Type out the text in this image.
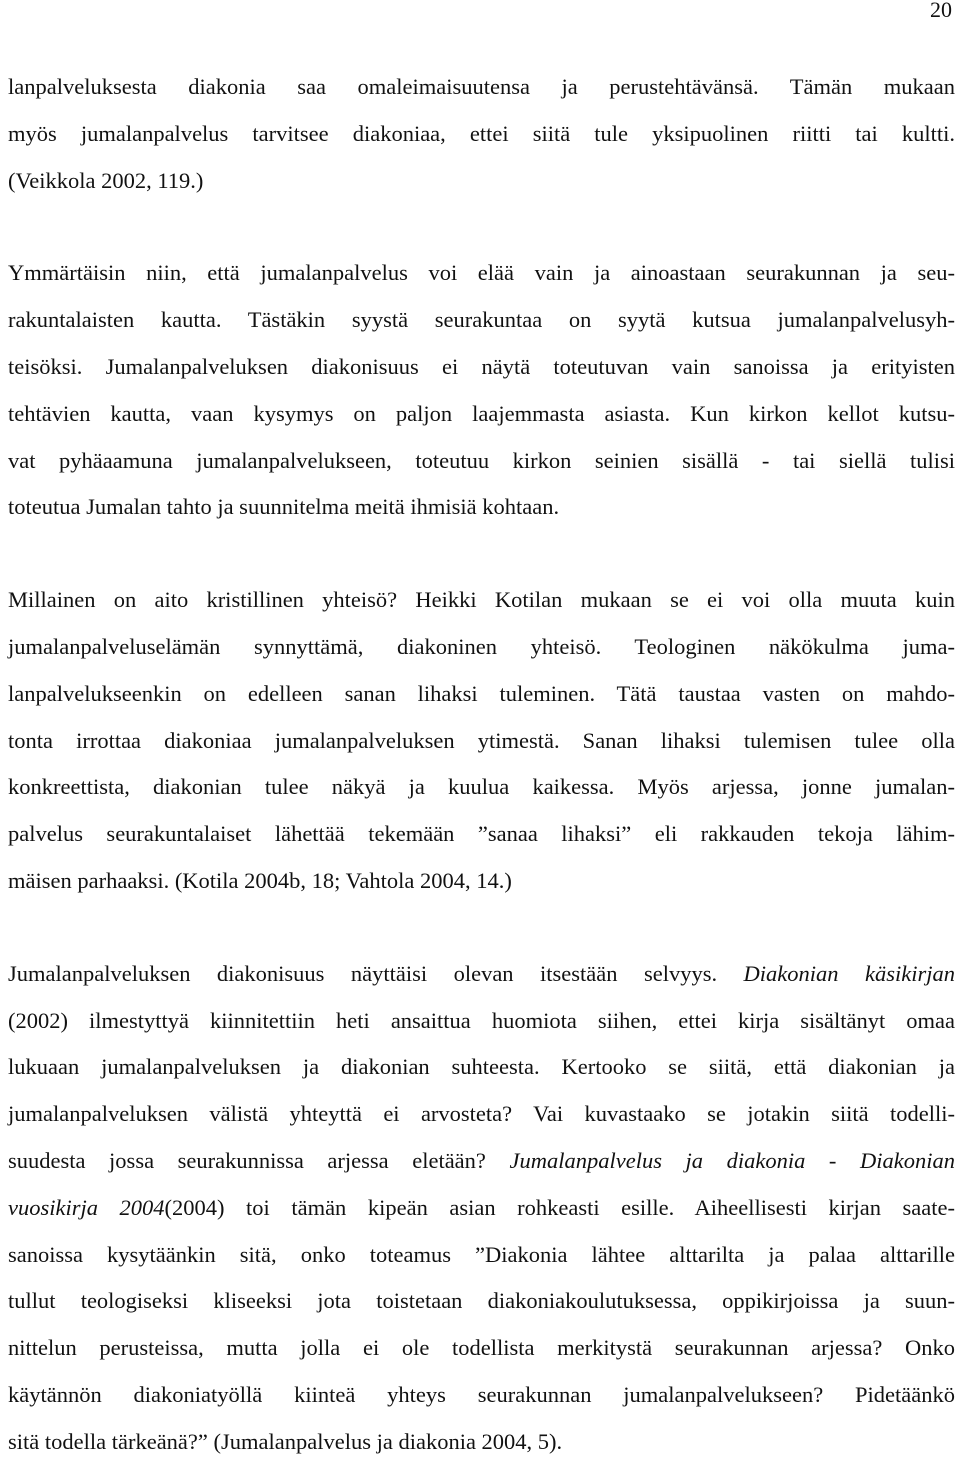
20

lanpalveluksesta diakonia saa omaleimaisuutensa ja perustehtävänsä. Tämän mukaan
myös jumalanpalvelus tarvitsee diakoniaa, ettei siitä tule yksipuolinen riitti tai kultti.
(Veikkola 2002, 119.)

Ymmärtäisin niin, että jumalanpalvelus voi elää vain ja ainoastaan seurakunnan ja seu-
rakuntalaisten kautta. Tästäkin syystä seurakuntaa on syytä kutsua jumalanpalvelusyh-
teisöksi. Jumalanpalveluksen diakonisuus ei näytä toteutuvan vain sanoissa ja erityisten
tehtävien kautta, vaan kysymys on paljon laajemmasta asiasta. Kun kirkon kellot kutsu-
vat pyhäaamuna jumalanpalvelukseen, toteutuu kirkon seinien sisällä - tai siellä tulisi
toteutua Jumalan tahto ja suunnitelma meitä ihmisiä kohtaan.

Millainen on aito kristillinen yhteisö? Heikki Kotilan mukaan se ei voi olla muuta kuin
jumalanpalveluselämän synnyttämä, diakoninen yhteisö. Teologinen näkökulma juma-
lanpalvelukseenkin on edelleen sanan lihaksi tuleminen. Tätä taustaa vasten on mahdo-
tonta irrottaa diakoniaa jumalanpalveluksen ytimestä. Sanan lihaksi tulemisen tulee olla
konkreettista, diakonian tulee näkyä ja kuulua kaikessa. Myös arjessa, jonne jumalan-
palvelus seurakuntalaiset lähettää tekemään ”sanaa lihaksi” eli rakkauden tekoja lähim-
mäisen parhaaksi. (Kotila 2004b, 18; Vahtola 2004, 14.)

Jumalanpalveluksen diakonisuus näyttäisi olevan itsestään selvyys. Diakonian käsikirjan
(2002) ilmestyttyä kiinnitettiin heti ansaittua huomiota siihen, ettei kirja sisältänyt omaa
lukuaan jumalanpalveluksen ja diakonian suhteesta. Kertooko se siitä, että diakonian ja
jumalanpalveluksen välistä yhteyttä ei arvosteta? Vai kuvastaako se jotakin siitä todelli-
suudesta jossa seurakunnissa arjessa eletään? Jumalanpalvelus ja diakonia - Diakonian
vuosikirja 2004(2004) toi tämän kipeän asian rohkeasti esille. Aiheellisesti kirjan saate-
sanoissa kysytäänkin sitä, onko toteamus ”Diakonia lähtee alttarilta ja palaa alttarille
tullut teologiseksi kliseeksi jota toistetaan diakoniakoulutuksessa, oppikirjoissa ja suun-
nittelun perusteissa, mutta jolla ei ole todellista merkitystä seurakunnan arjessa? Onko
käytännön diakoniatyöllä kiinteä yhteys seurakunnan jumalanpalvelukseen? Pidetäänkö
sitä todella tärkeänä?” (Jumalanpalvelus ja diakonia 2004, 5).
